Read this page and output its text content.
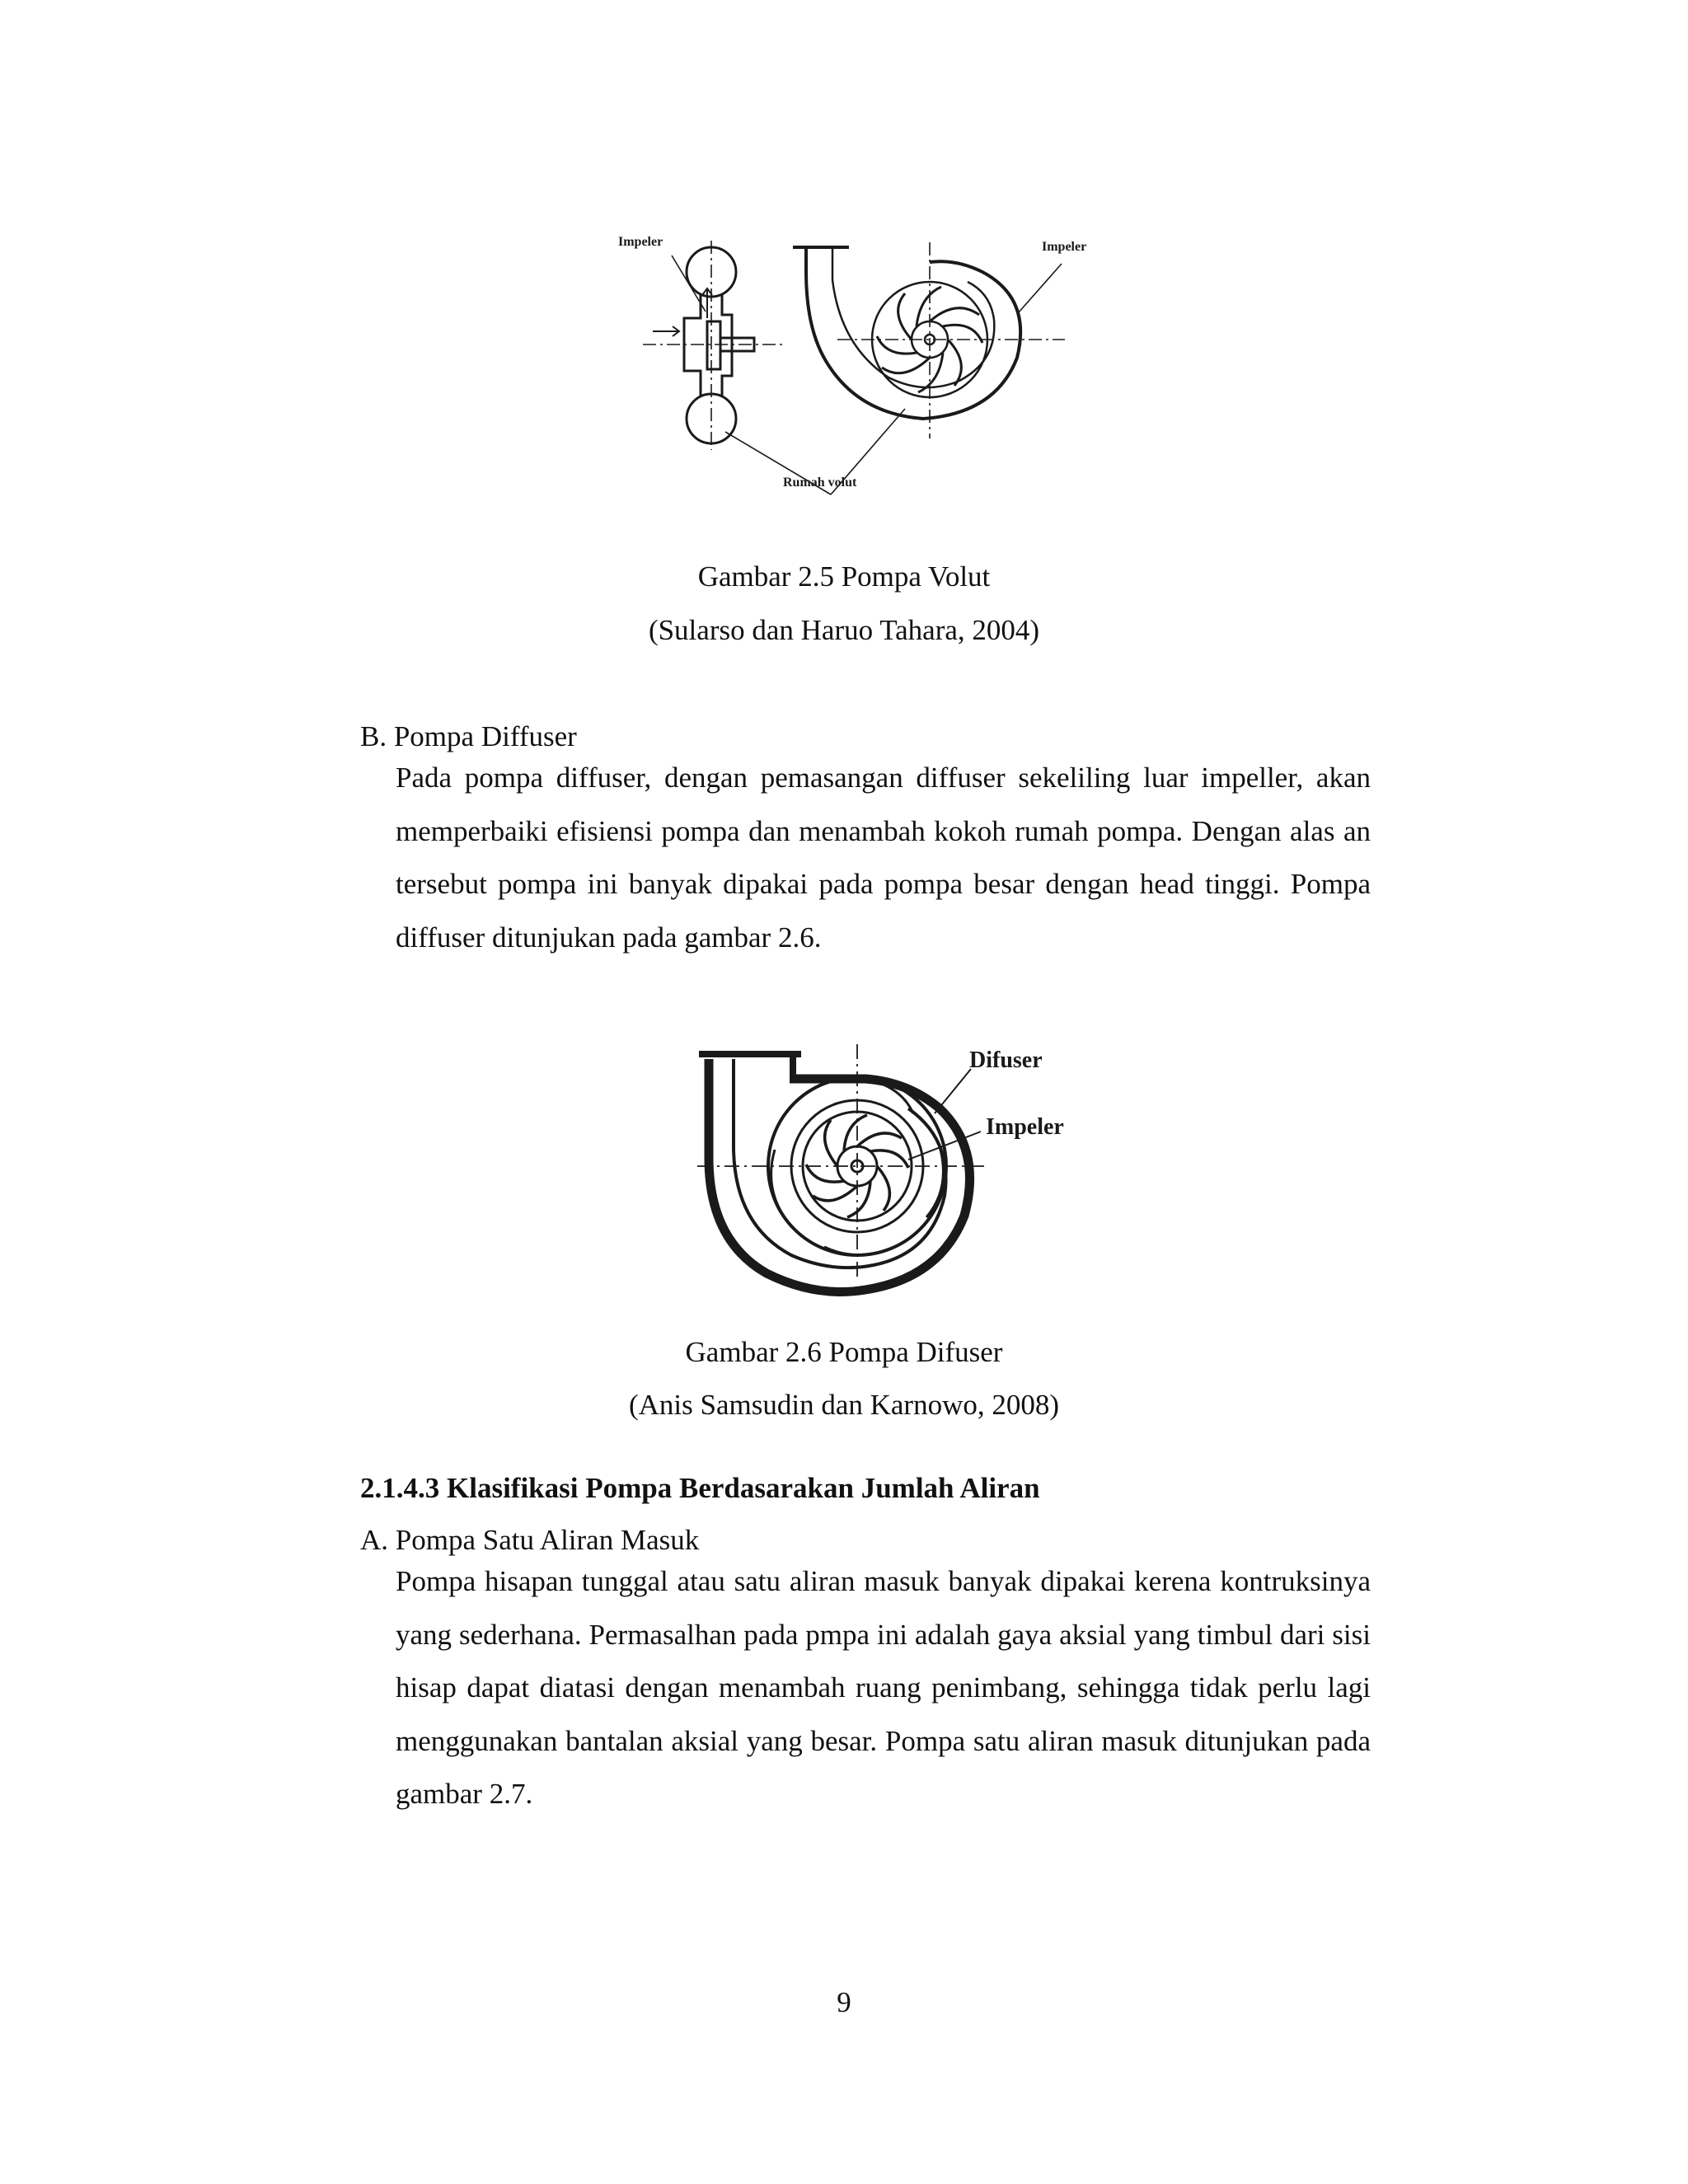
Impeler	Impeler
Rumah volut
Gambar 2.5 Pompa Volut
(Sularso dan Haruo Tahara, 2004)
B. Pompa Diffuser

Pada pompa diffuser, dengan pemasangan diffuser sekeliling luar impeller, akan memperbaiki efisiensi pompa dan menambah kokoh rumah pompa. Dengan alas an tersebut pompa ini banyak dipakai pada pompa besar dengan head tinggi. Pompa diffuser ditunjukan pada gambar 2.6.

Difuser
Impeler
Gambar 2.6 Pompa Difuser
(Anis Samsudin dan Karnowo, 2008)
2.1.4.3 Klasifikasi Pompa Berdasarakan Jumlah Aliran
A. Pompa Satu Aliran Masuk

Pompa hisapan tunggal atau satu aliran masuk banyak dipakai kerena kontruksinya yang sederhana. Permasalhan pada pmpa ini adalah gaya aksial yang timbul dari sisi hisap dapat diatasi dengan menambah ruang penimbang, sehingga tidak perlu lagi menggunakan bantalan aksial yang besar. Pompa satu aliran masuk ditunjukan pada gambar 2.7.

9
